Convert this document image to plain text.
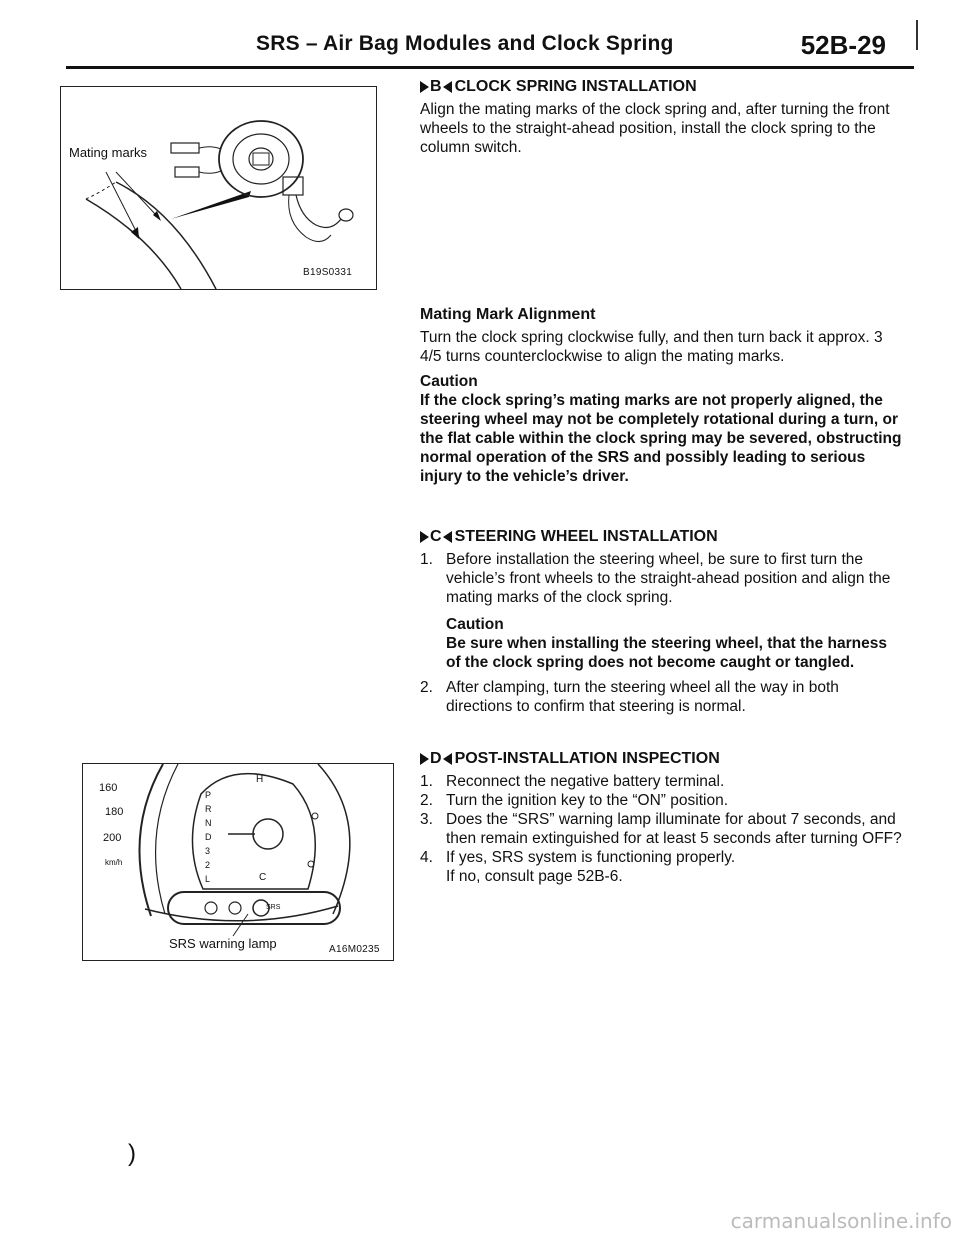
SRS – Air Bag Modules and Clock Spring	52B-29
Mating marks
B19S0331
160
180
200
km/h
P
R
N
D
3
2
L
H
C
SRS
SRS warning lamp	A16M0235
B CLOCK SPRING INSTALLATION

Align the mating marks of the clock spring and, after turning the front wheels to the straight-ahead position, install the clock spring to the column switch.

Mating Mark Alignment

Turn the clock spring clockwise fully, and then turn back it approx. 3 4/5 turns counterclockwise to align the mating marks.

Caution

If the clock spring’s mating marks are not properly aligned, the steering wheel may not be completely rotational during a turn, or the flat cable within the clock spring may be severed, obstructing normal operation of the SRS and possibly leading to serious injury to the vehicle’s driver.

C STEERING WHEEL INSTALLATION
1. Before installation the steering wheel, be sure to first turn the vehicle’s front wheels to the straight-ahead position and align the mating marks of the clock spring.

Caution

Be sure when installing the steering wheel, that the harness of the clock spring does not become caught or tangled.

2. After clamping, turn the steering wheel all the way in both directions to confirm that steering is normal.
D POST-INSTALLATION INSPECTION
1. Reconnect the negative battery terminal.
2. Turn the ignition key to the “ON” position.
3. Does the “SRS” warning lamp illuminate for about 7 seconds, and then remain extinguished for at least 5 seconds after turning OFF?
4. If yes, SRS system is functioning properly.

If no, consult page 52B-6.

)
carmanualsonline.info
